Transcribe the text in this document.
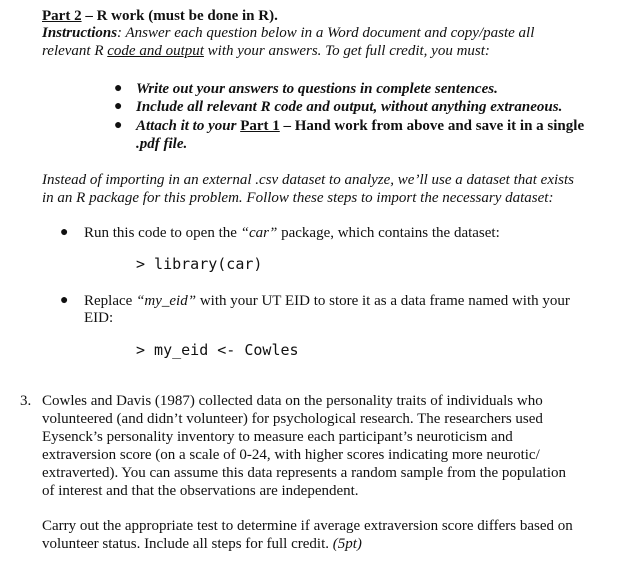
Part 2 – R work (must be done in R).
Instructions: Answer each question below in a Word document and copy/paste all
relevant R code and output with your answers. To get full credit, you must:
● Write out your answers to questions in complete sentences.
● Include all relevant R code and output, without anything extraneous.
● Attach it to your Part 1 – Hand work from above and save it in a single
.pdf file.
Instead of importing in an external .csv dataset to analyze, we’ll use a dataset that exists
in an R package for this problem. Follow these steps to import the necessary dataset:
● Run this code to open the “car” package, which contains the dataset:
> library(car)
● Replace “my_eid” with your UT EID to store it as a data frame named with your
EID:
> my_eid <- Cowles
3. Cowles and Davis (1987) collected data on the personality traits of individuals who
volunteered (and didn’t volunteer) for psychological research. The researchers used
Eysenck’s personality inventory to measure each participant’s neuroticism and
extraversion score (on a scale of 0-24, with higher scores indicating more neurotic/
extraverted). You can assume this data represents a random sample from the population
of interest and that the observations are independent.
Carry out the appropriate test to determine if average extraversion score differs based on
volunteer status. Include all steps for full credit. (5pt)
